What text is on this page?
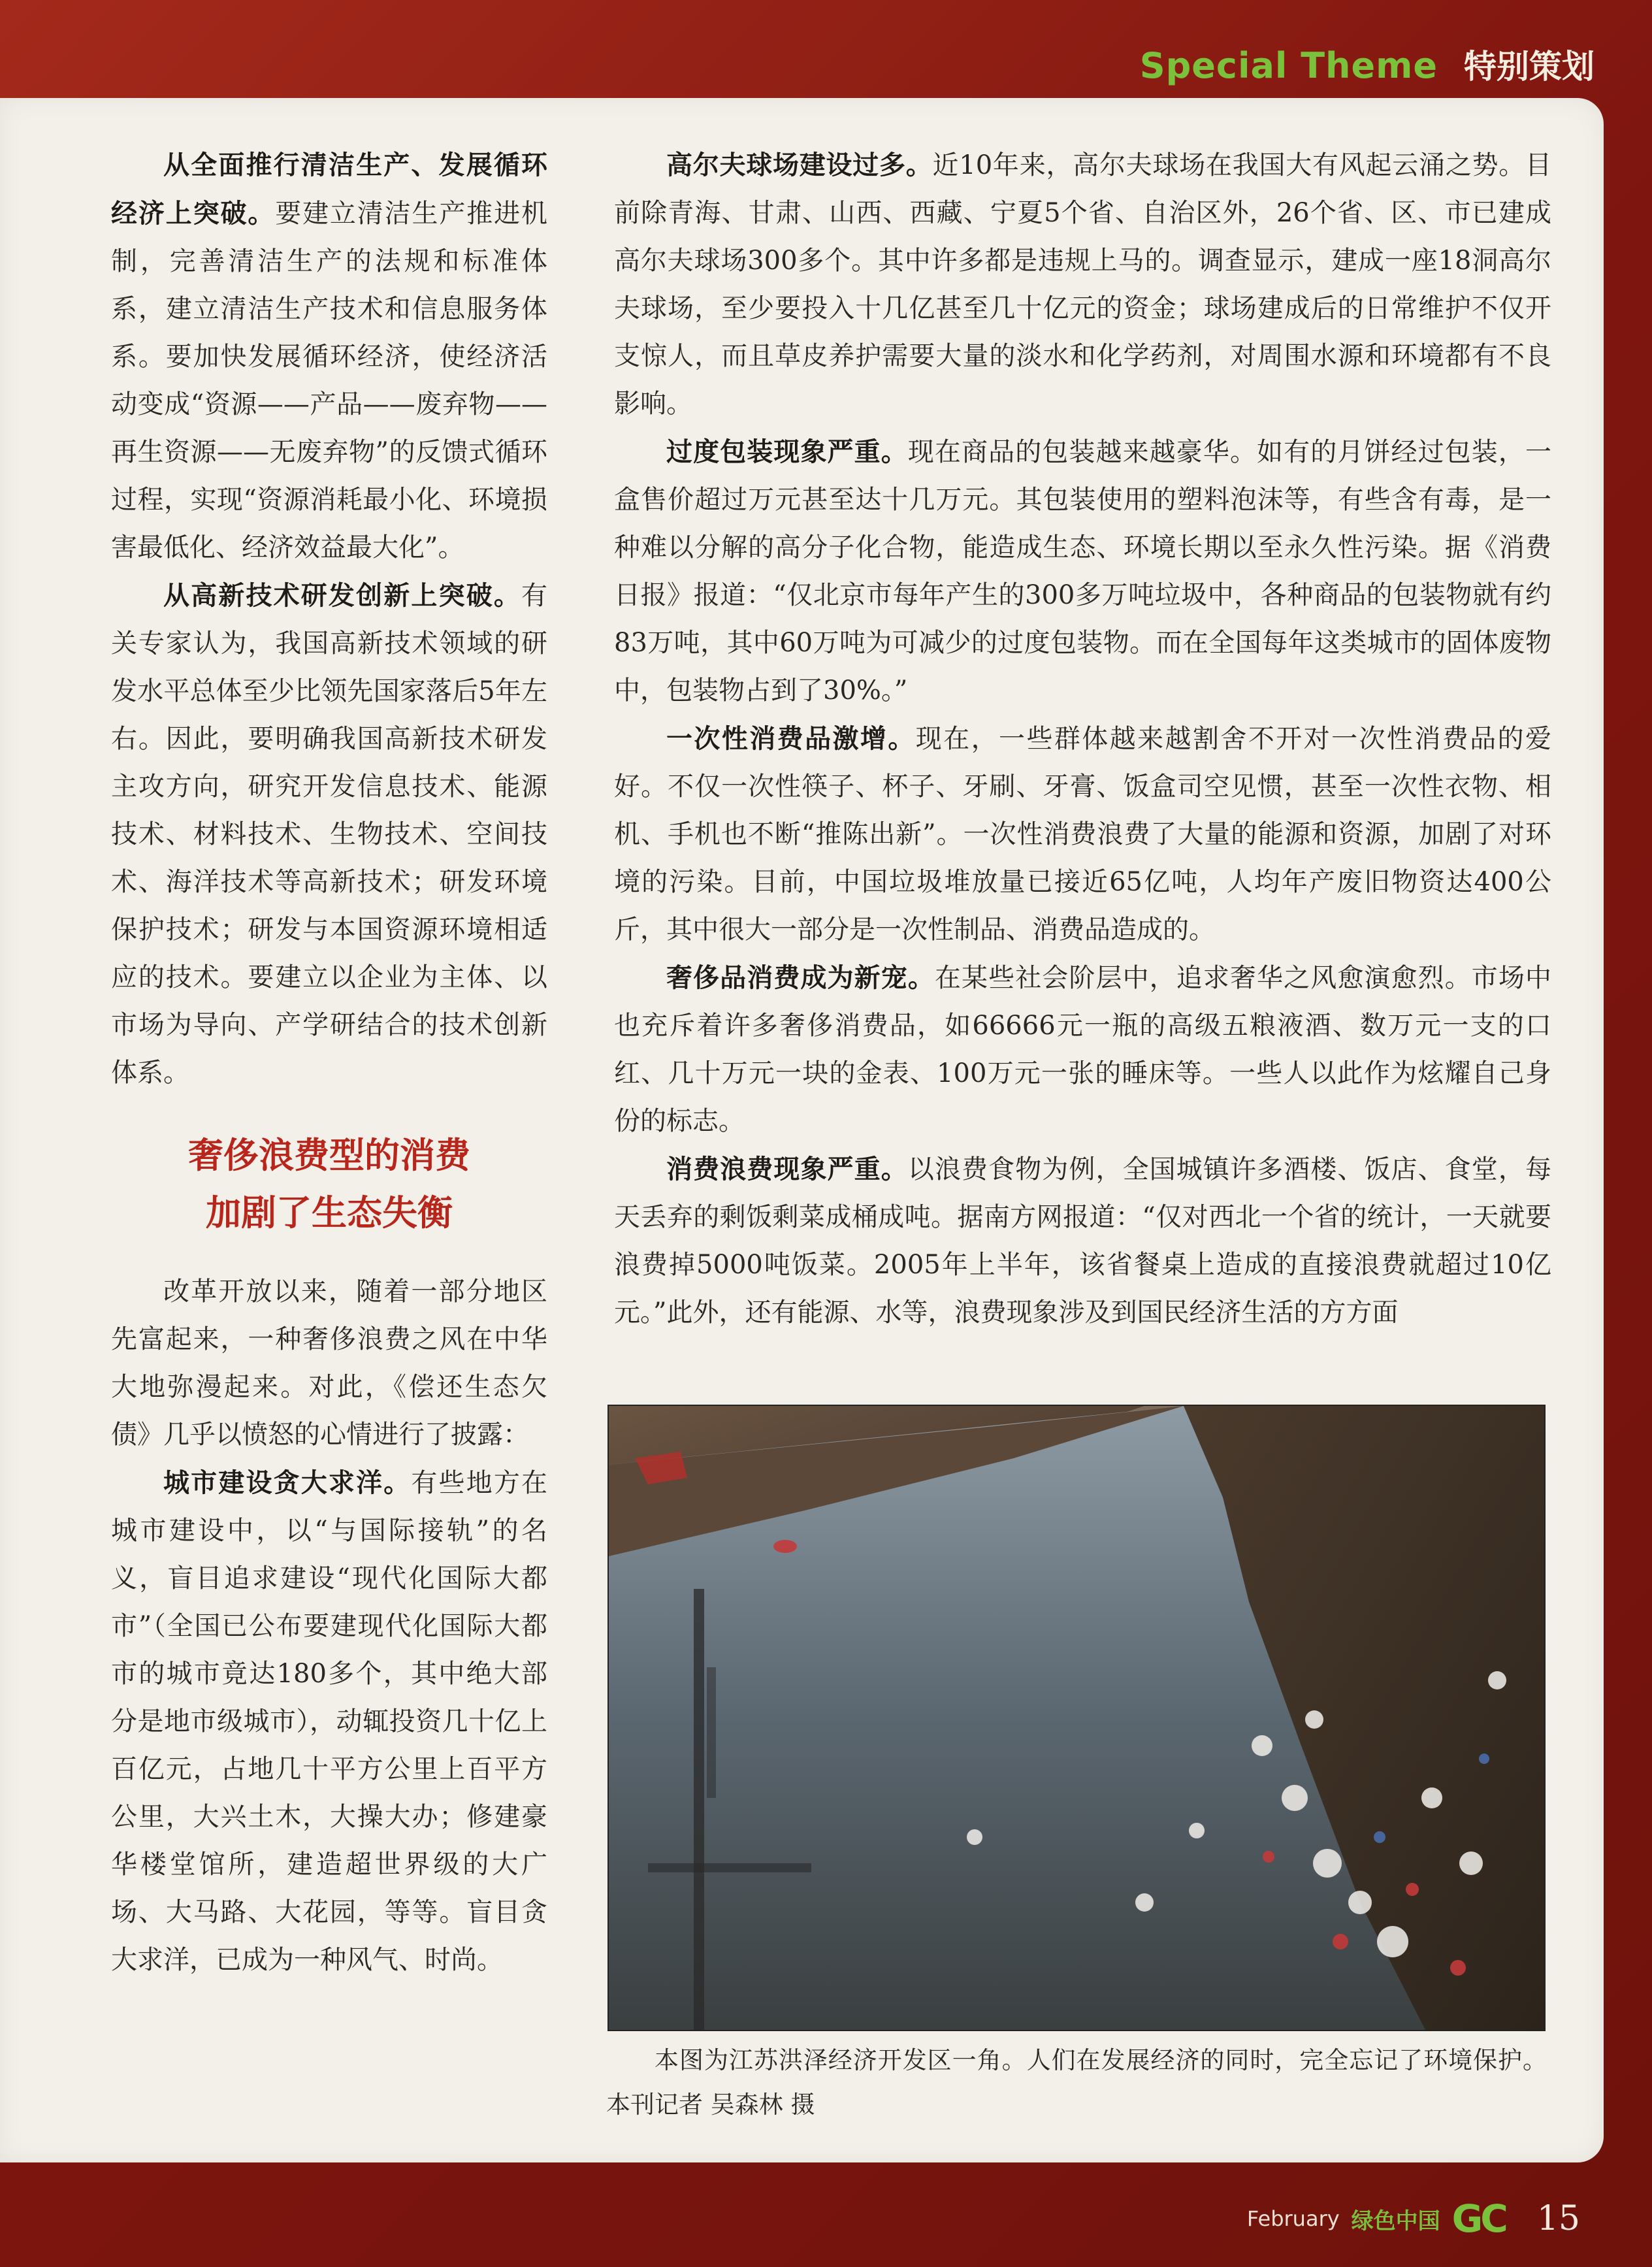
Special Theme 特别策划

从全面推行清洁生产、发展循环经济上突破。要建立清洁生产推进机制，完善清洁生产的法规和标准体系，建立清洁生产技术和信息服务体系。要加快发展循环经济，使经济活动变成“资源——产品——废弃物——再生资源——无废弃物”的反馈式循环过程，实现“资源消耗最小化、环境损害最低化、经济效益最大化”。

从高新技术研发创新上突破。有关专家认为，我国高新技术领域的研发水平总体至少比领先国家落后5年左右。因此，要明确我国高新技术研发主攻方向，研究开发信息技术、能源技术、材料技术、生物技术、空间技术、海洋技术等高新技术；研发环境保护技术；研发与本国资源环境相适应的技术。要建立以企业为主体、以市场为导向、产学研结合的技术创新体系。

奢侈浪费型的消费
加剧了生态失衡

改革开放以来，随着一部分地区先富起来，一种奢侈浪费之风在中华大地弥漫起来。对此，《偿还生态欠债》几乎以愤怒的心情进行了披露：

城市建设贪大求洋。有些地方在城市建设中，以“与国际接轨”的名义，盲目追求建设“现代化国际大都市”（全国已公布要建现代化国际大都市的城市竟达180多个，其中绝大部分是地市级城市），动辄投资几十亿上百亿元，占地几十平方公里上百平方公里，大兴土木，大操大办；修建豪华楼堂馆所，建造超世界级的大广场、大马路、大花园，等等。盲目贪大求洋，已成为一种风气、时尚。

高尔夫球场建设过多。近10年来，高尔夫球场在我国大有风起云涌之势。目前除青海、甘肃、山西、西藏、宁夏5个省、自治区外，26个省、区、市已建成高尔夫球场300多个。其中许多都是违规上马的。调查显示，建成一座18洞高尔夫球场，至少要投入十几亿甚至几十亿元的资金；球场建成后的日常维护不仅开支惊人，而且草皮养护需要大量的淡水和化学药剂，对周围水源和环境都有不良影响。

过度包装现象严重。现在商品的包装越来越豪华。如有的月饼经过包装，一盒售价超过万元甚至达十几万元。其包装使用的塑料泡沫等，有些含有毒，是一种难以分解的高分子化合物，能造成生态、环境长期以至永久性污染。据《消费日报》报道：“仅北京市每年产生的300多万吨垃圾中，各种商品的包装物就有约83万吨，其中60万吨为可减少的过度包装物。而在全国每年这类城市的固体废物中，包装物占到了30%。”

一次性消费品激增。现在，一些群体越来越割舍不开对一次性消费品的爱好。不仅一次性筷子、杯子、牙刷、牙膏、饭盒司空见惯，甚至一次性衣物、相机、手机也不断“推陈出新”。一次性消费浪费了大量的能源和资源，加剧了对环境的污染。目前，中国垃圾堆放量已接近65亿吨，人均年产废旧物资达400公斤，其中很大一部分是一次性制品、消费品造成的。

奢侈品消费成为新宠。在某些社会阶层中，追求奢华之风愈演愈烈。市场中也充斥着许多奢侈消费品，如66666元一瓶的高级五粮液酒、数万元一支的口红、几十万元一块的金表、100万元一张的睡床等。一些人以此作为炫耀自己身份的标志。

消费浪费现象严重。以浪费食物为例，全国城镇许多酒楼、饭店、食堂，每天丢弃的剩饭剩菜成桶成吨。据南方网报道：“仅对西北一个省的统计，一天就要浪费掉5000吨饭菜。2005年上半年，该省餐桌上造成的直接浪费就超过10亿元。”此外，还有能源、水等，浪费现象涉及到国民经济生活的方方面

本图为江苏洪泽经济开发区一角。人们在发展经济的同时，完全忘记了环境保护。 本刊记者 吴森林 摄

February 绿色中国 GC 15
